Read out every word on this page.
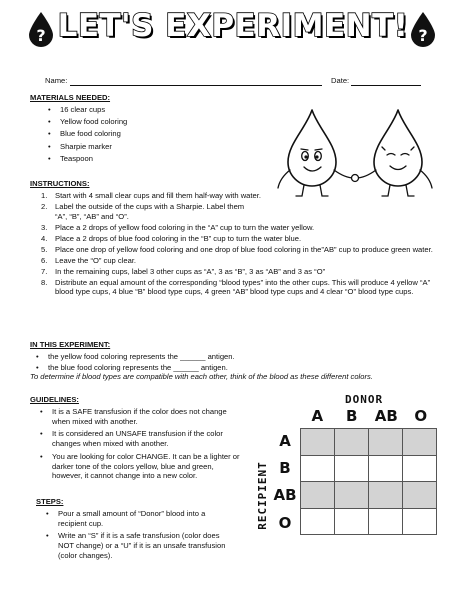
? LET'S EXPERIMENT! ?
Name:	Date:
MATERIALS NEEDED:
• 16 clear cups
• Yellow food coloring
• Blue food coloring
• Sharpie marker
• Teaspoon
INSTRUCTIONS:
1. Start with 4 small clear cups and fill them half-way with water.
2. Label the outside of the cups with a Sharpie. Label them “A”, “B”, “AB” and “O”.
3. Place a 2 drops of yellow food coloring in the “A” cup to turn the water yellow.
4. Place a 2 drops of blue food coloring in the “B” cup to turn the water blue.
5. Place one drop of yellow food coloring and one drop of blue food coloring in the”AB” cup to produce green water.
6. Leave the “O” cup clear.
7. In the remaining cups, label 3 other cups as “A”, 3 as “B”, 3 as “AB” and 3 as “O”
8. Distribute an equal amount of the corresponding “blood types” into the other cups. This will produce 4 yellow “A” blood type cups, 4 blue “B” blood type cups, 4 green “AB” blood type cups and 4 clear “O” blood type cups.
IN THIS EXPERIMENT:
• the yellow food coloring represents the ______ antigen.
• the blue food coloring represents the ______ antigen.
To determine if blood types are compatible with each other, think of the blood as these different colors.
GUIDELINES:
• It is a SAFE transfusion if the color does not change when mixed with another.
• It is considered an UNSAFE transfusion if the color changes when mixed with another.
• You are looking for color CHANGE. It can be a lighter or darker tone of the colors yellow, blue and green, however, it cannot change into a new color.
STEPS:
• Pour a small amount of “Donor” blood into a recipient cup.
• Write an “S” if it is a safe transfusion (color does NOT change) or a “U” if it is an unsafe transfusion (color changes).
DONOR
A	B	AB	O
RECIPIENT
A
B
AB
O
